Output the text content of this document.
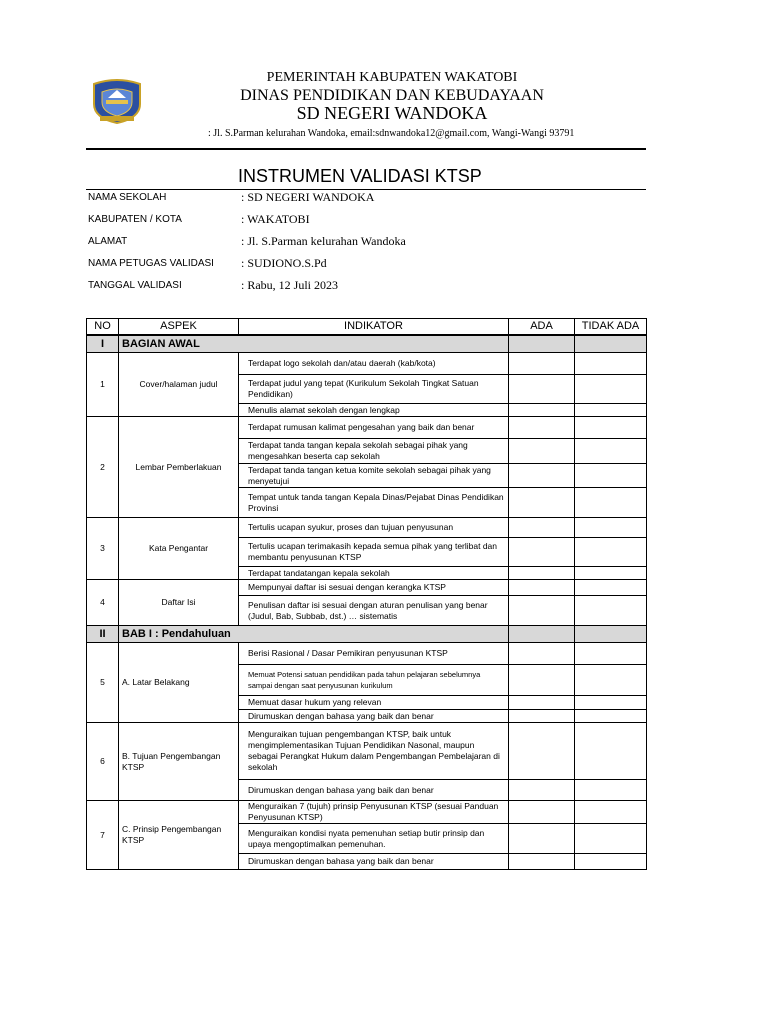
PEMERINTAH KABUPATEN WAKATOBI
DINAS PENDIDIKAN DAN KEBUDAYAAN
SD NEGERI WANDOKA
: Jl. S.Parman kelurahan Wandoka, email:sdnwandoka12@gmail.com, Wangi-Wangi 93791
INSTRUMEN VALIDASI KTSP
NAMA SEKOLAH	: SD NEGERI WANDOKA
KABUPATEN / KOTA	: WAKATOBI
ALAMAT	: Jl. S.Parman kelurahan Wandoka
NAMA PETUGAS VALIDASI : SUDIONO.S.Pd
TANGGAL VALIDASI	: Rabu, 12 Juli 2023
NO	ASPEK	INDIKATOR	ADA	TIDAK ADA
I	BAGIAN AWAL			
1	Cover/halaman judul	Terdapat logo sekolah dan/atau daerah (kab/kota)		
		Terdapat judul yang tepat (Kurikulum Sekolah Tingkat Satuan Pendidikan)		
		Menulis alamat sekolah dengan lengkap		
2	Lembar Pemberlakuan	Terdapat rumusan kalimat pengesahan yang baik dan benar		
		Terdapat tanda tangan kepala sekolah sebagai pihak yang mengesahkan beserta cap sekolah		
		Terdapat tanda tangan ketua komite sekolah sebagai pihak yang menyetujui		
		Tempat untuk tanda tangan Kepala Dinas/Pejabat Dinas Pendidikan Provinsi		
3	Kata Pengantar	Tertulis ucapan syukur, proses dan tujuan penyusunan		
		Tertulis ucapan terimakasih kepada semua pihak yang terlibat dan membantu penyusunan KTSP		
		Terdapat tandatangan kepala sekolah		
4	Daftar Isi	Mempunyai daftar isi sesuai dengan kerangka KTSP		
		Penulisan daftar isi sesuai dengan aturan penulisan yang benar (Judul, Bab, Subbab, dst.) … sistematis		
II	BAB I : Pendahuluan			
5	A. Latar Belakang	Berisi Rasional / Dasar Pemikiran penyusunan KTSP		
		Memuat Potensi satuan pendidikan pada tahun pelajaran sebelumnya sampai dengan saat penyusunan kurikulum		
		Memuat dasar hukum yang relevan		
		Dirumuskan dengan bahasa yang baik dan benar		
6	B. Tujuan Pengembangan KTSP	Menguraikan tujuan pengembangan KTSP, baik untuk mengimplementasikan Tujuan Pendidikan Nasonal, maupun sebagai Perangkat Hukum dalam Pengembangan Pembelajaran di sekolah		
		Dirumuskan dengan bahasa yang baik dan benar		
7	C. Prinsip Pengembangan KTSP	Menguraikan 7 (tujuh) prinsip Penyusunan KTSP (sesuai Panduan Penyusunan KTSP)		
		Menguraikan kondisi nyata pemenuhan setiap butir prinsip dan upaya mengoptimalkan pemenuhan.		
		Dirumuskan dengan bahasa yang baik dan benar		
